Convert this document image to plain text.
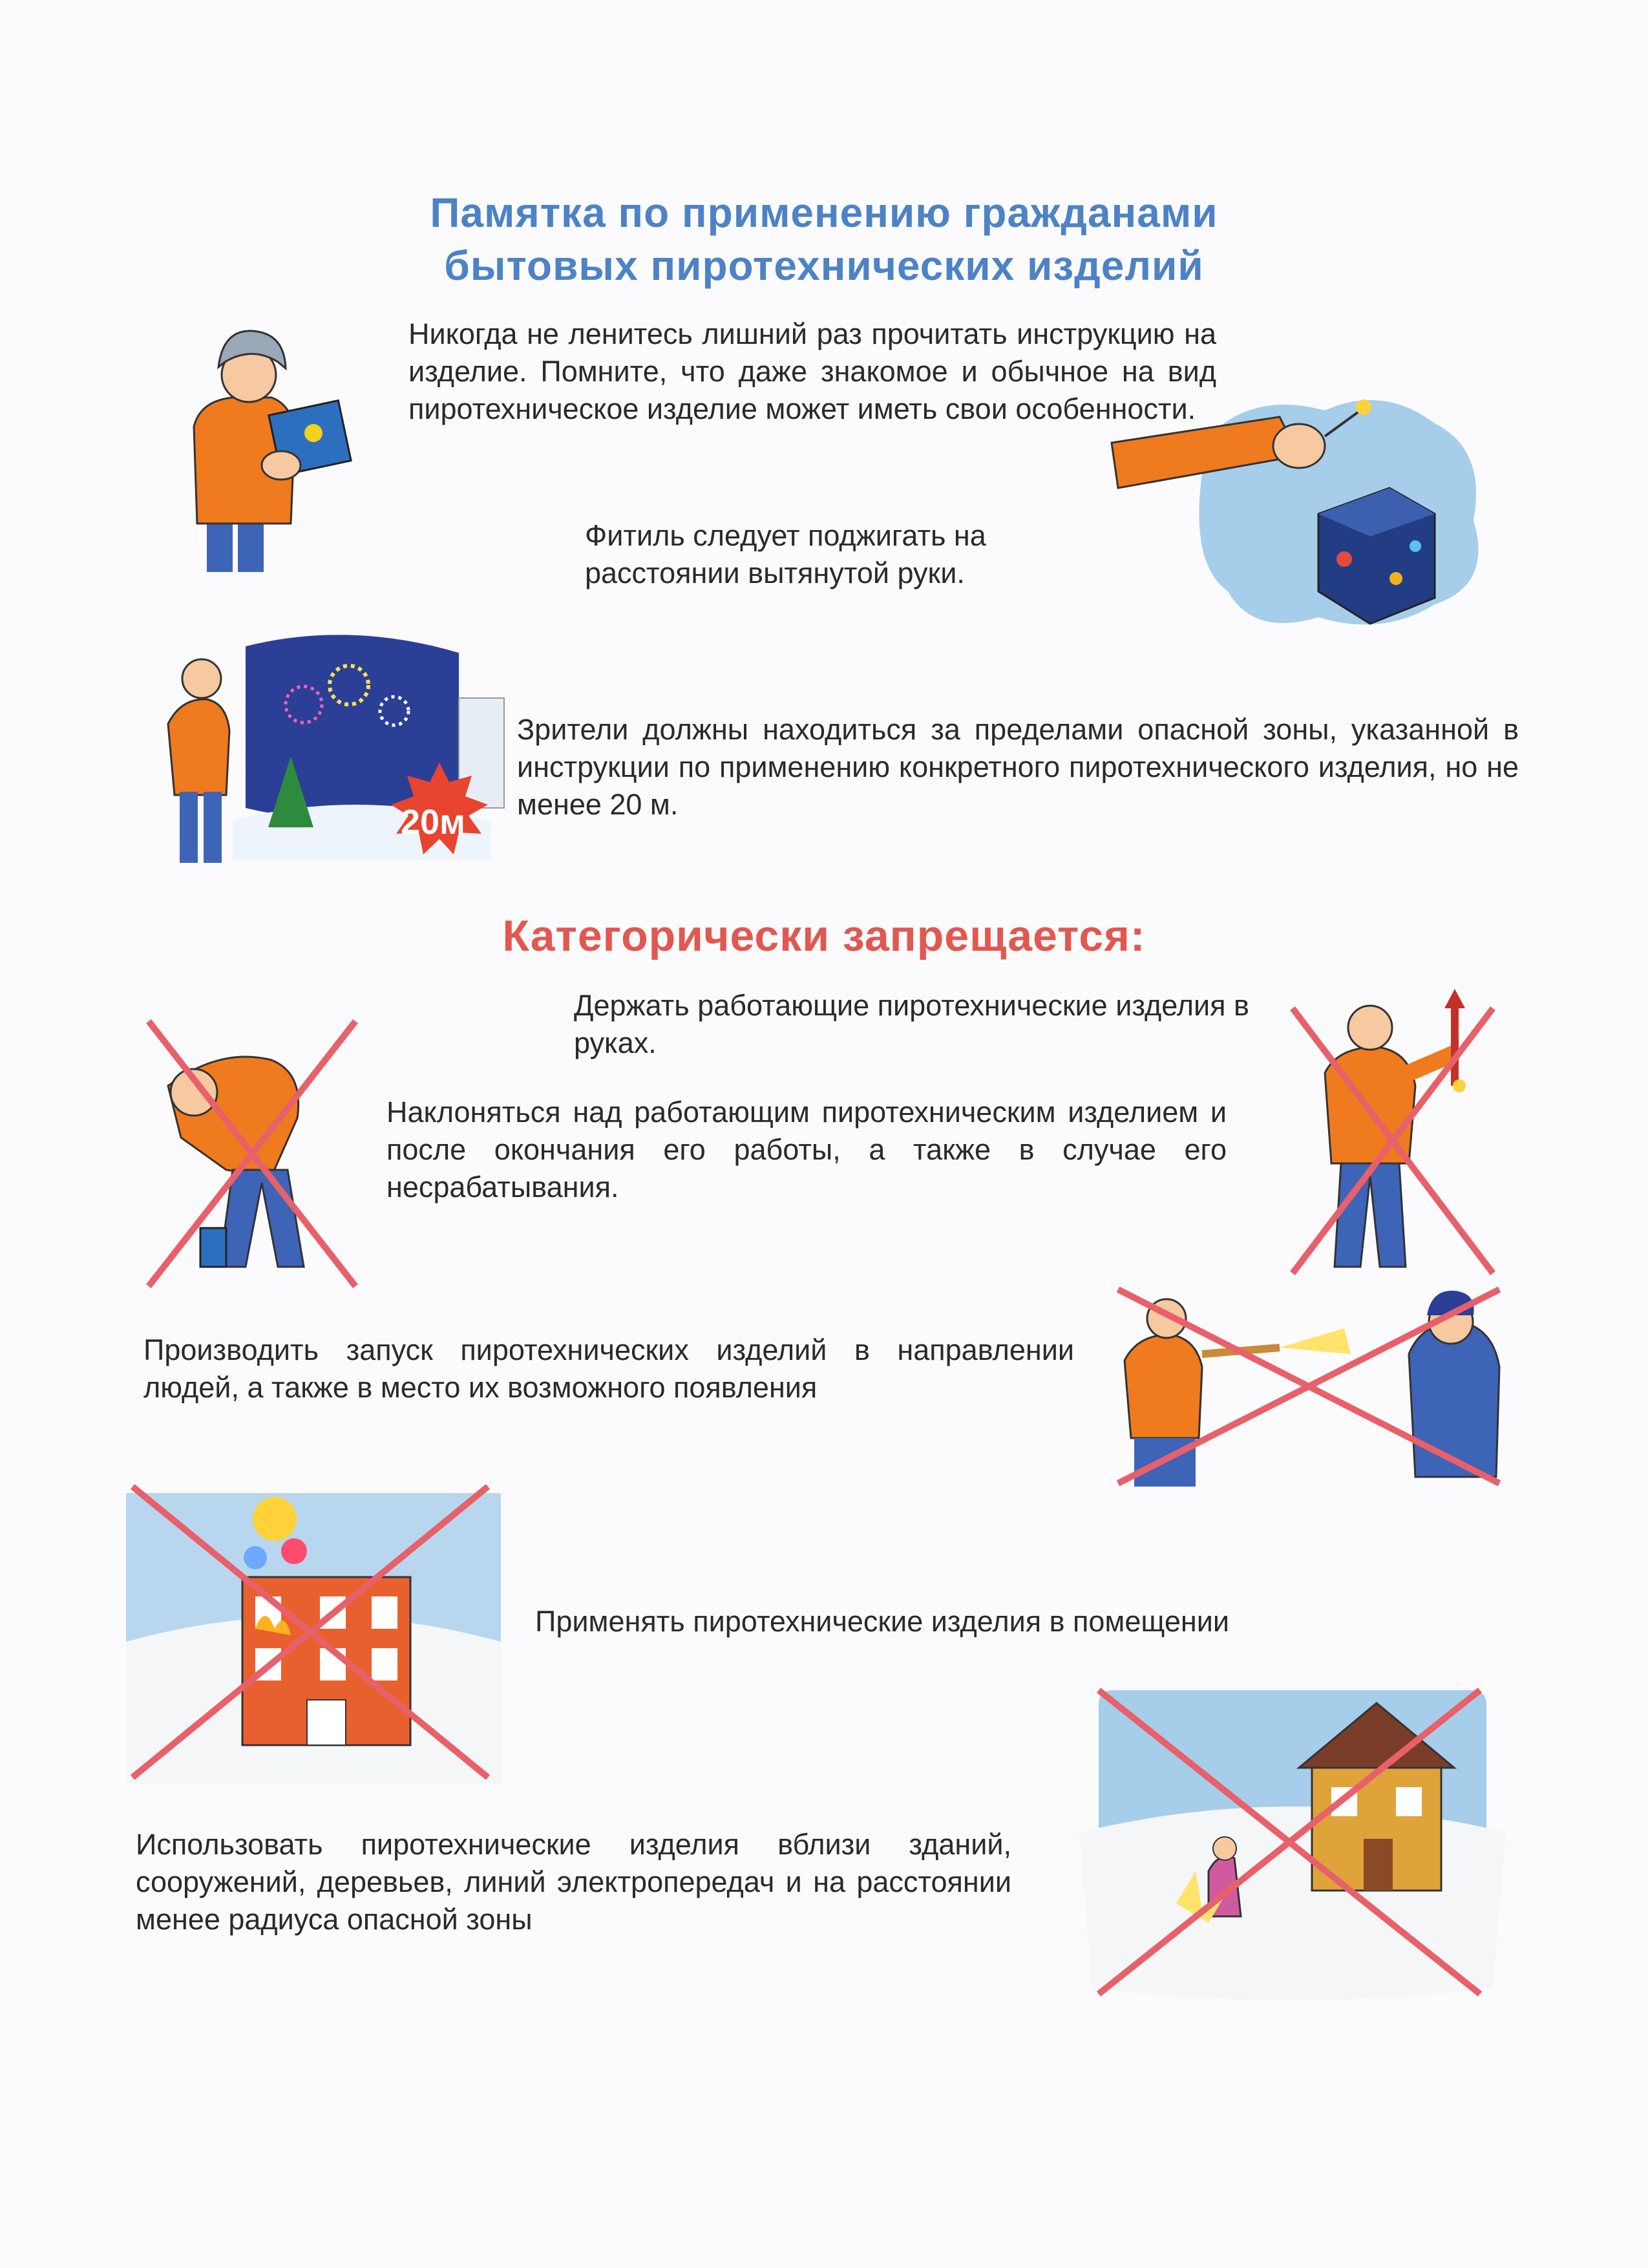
Памятка по применению гражданами
бытовых пиротехнических изделий
Никогда не ленитесь лишний раз прочитать инструкцию на изделие. Помните, что даже знакомое и обычное на вид пиротехническое изделие может иметь свои особенности.
Фитиль следует поджигать на расстоянии вытянутой руки.
20м
Зрители должны находиться за пределами опасной зоны, указанной в инструкции по применению конкретного пиротехнического изделия, но не менее 20 м.
Категорически запрещается:
Держать работающие пиротехнические изделия в руках.
Наклоняться над работающим пиротехническим изделием и после окончания его работы, а также в случае его несрабатывания.
Производить запуск пиротехнических изделий в направлении людей, а также в место их возможного появления
Применять пиротехнические изделия в помещении
Использовать пиротехнические изделия вблизи зданий, сооружений, деревьев, линий электропередач и на расстоянии менее радиуса опасной зоны
